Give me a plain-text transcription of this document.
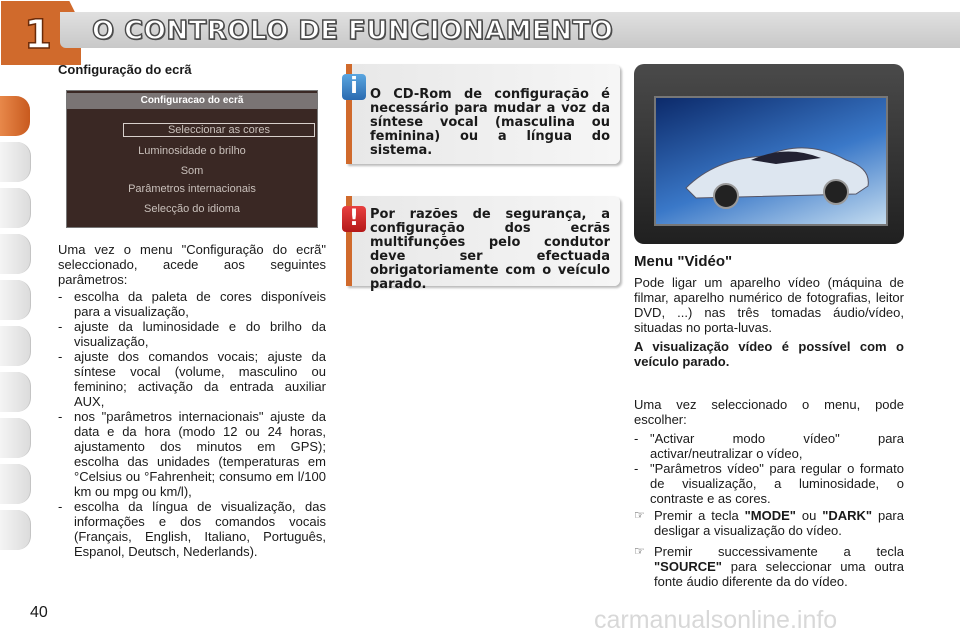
1 O CONTROLO DE FUNCIONAMENTO
Configuração do ecrã
Configuracao do ecrã
Seleccionar as cores
Luminosidade o brilho
Som
Parâmetros internacionais
Selecção do idioma

Uma vez o menu "Configuração do ecrã" seleccionado, acede aos seguintes parâmetros:

- escolha da paleta de cores disponíveis para a visualização,
- ajuste da luminosidade e do brilho da visualização,
- ajuste dos comandos vocais; ajuste da síntese vocal (volume, masculino ou feminino; activação da entrada auxiliar AUX,
- nos "parâmetros internacionais" ajuste da data e da hora (modo 12 ou 24 horas, ajustamento dos minutos em GPS); escolha das unidades (temperaturas em °Celsius ou °Fahrenheit; consumo em l/100 km ou mpg ou km/l),
- escolha da língua de visualização, das informações e dos comandos vocais (Français, English, Italiano, Português, Espanol, Deutsch, Nederlands).
O CD-Rom de configuração é necessário para mudar a voz da síntese vocal (masculina ou feminina) ou a língua do sistema.
i
Por razões de segurança, a configuração dos ecrãs multifunções pelo condutor deve ser efectuada obrigatoriamente com o veículo parado.
!
Menu "Vidéo"

Pode ligar um aparelho vídeo (máquina de filmar, aparelho numérico de fotografias, leitor DVD, ...) nas três tomadas áudio/vídeo, situadas no porta-luvas.

A visualização vídeo é possível com o veículo parado.

Uma vez seleccionado o menu, pode escolher:

- "Activar modo vídeo" para activar/neutralizar o vídeo,
- "Parâmetros vídeo" para regular o formato de visualização, a luminosidade, o contraste e as cores.
☞ Premir a tecla "MODE" ou "DARK" para desligar a visualização do vídeo.
☞ Premir successivamente a tecla "SOURCE" para seleccionar uma outra fonte áudio diferente da do vídeo.
40	carmanualsonline.info
